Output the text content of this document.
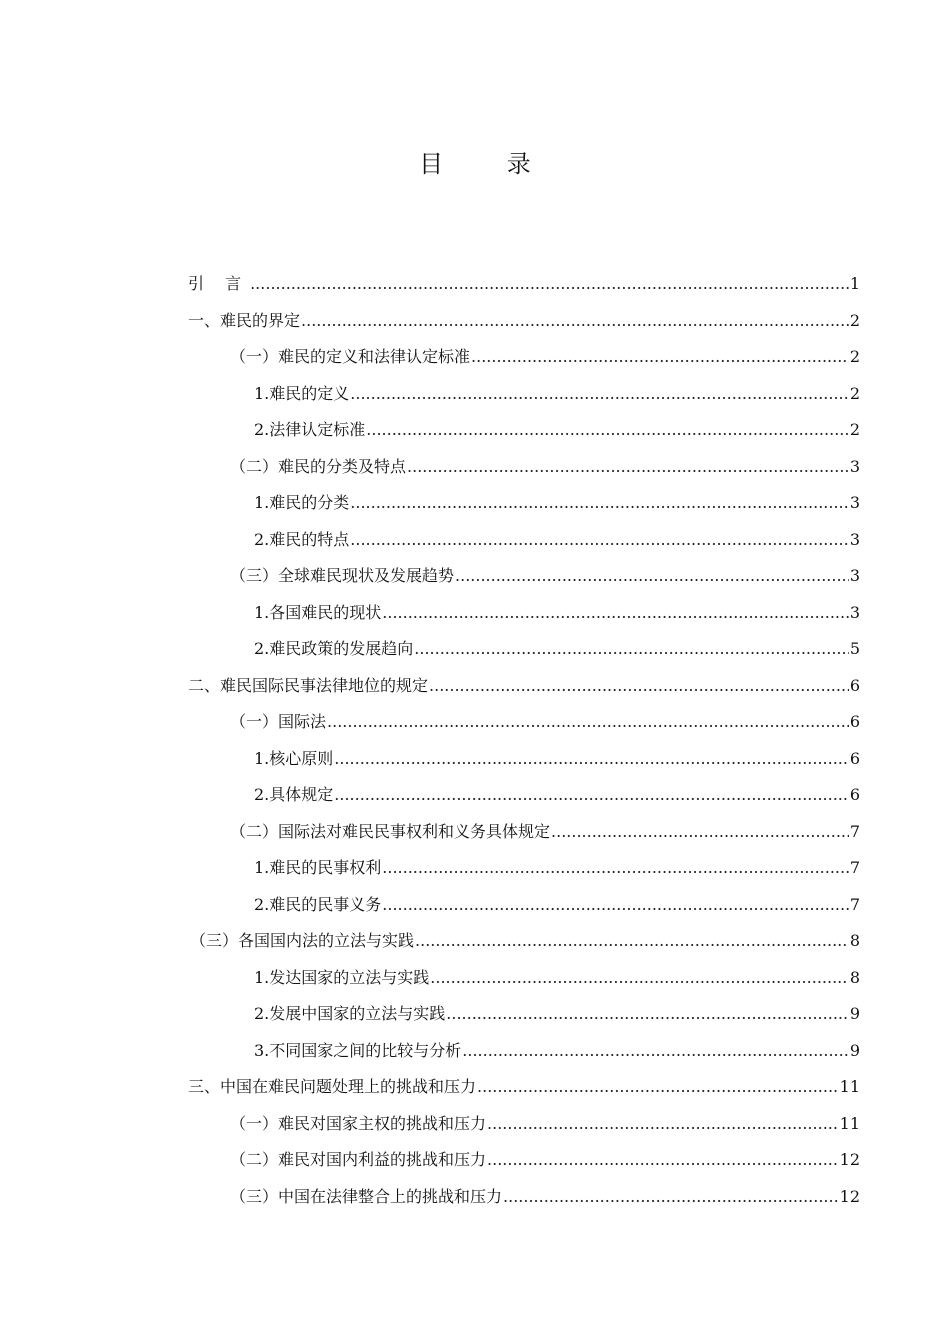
目 录
引 言 .....	1
一、难民的界定 .....	2
（一）难民的定义和法律认定标准 .....	2
1.难民的定义 .....	2
2.法律认定标准 .....	2
（二）难民的分类及特点 .....	3
1.难民的分类 .....	3
2.难民的特点 .....	3
（三）全球难民现状及发展趋势 .....	3
1.各国难民的现状 .....	3
2.难民政策的发展趋向 .....	5
二、难民国际民事法律地位的规定 .....	6
（一）国际法 .....	6
1.核心原则 .....	6
2.具体规定 .....	6
（二）国际法对难民民事权利和义务具体规定 .....	7
1.难民的民事权利 .....	7
2.难民的民事义务 .....	7
（三）各国国内法的立法与实践 .....	8
1.发达国家的立法与实践 .....	8
2.发展中国家的立法与实践 .....	9
3.不同国家之间的比较与分析 .....	9
三、中国在难民问题处理上的挑战和压力 .....	11
（一）难民对国家主权的挑战和压力 .....	11
（二）难民对国内利益的挑战和压力 .....	12
（三）中国在法律整合上的挑战和压力 .....	12
